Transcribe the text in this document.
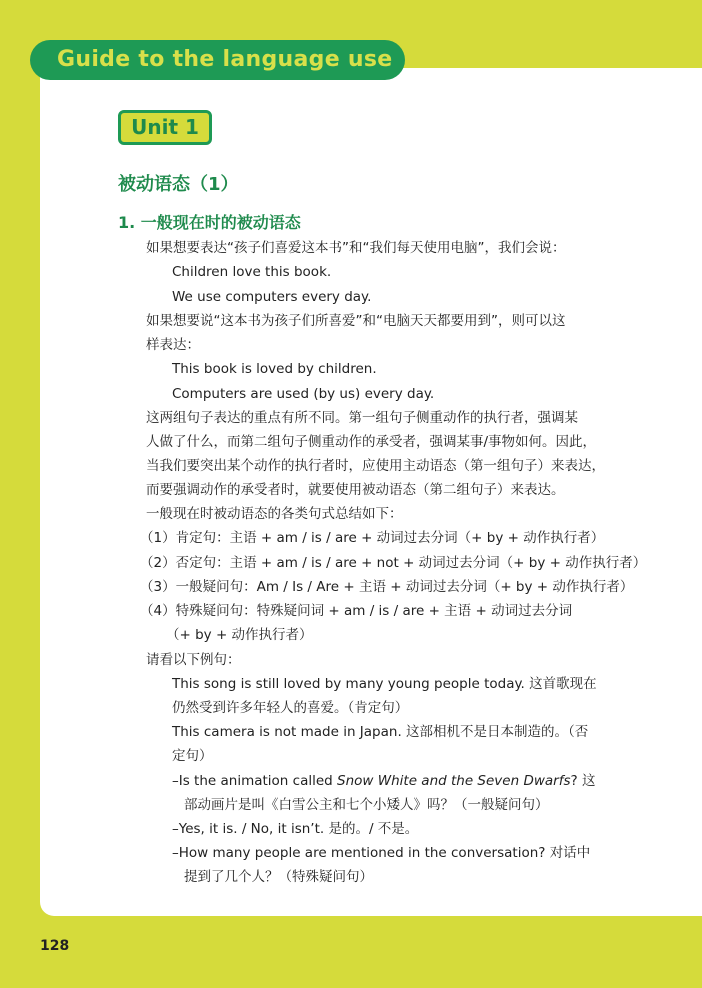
Guide to the language use
Unit 1
被动语态（1）
1. 一般现在时的被动语态
如果想要表达“孩子们喜爱这本书”和“我们每天使用电脑”，我们会说：
Children love this book.
We use computers every day.
如果想要说“这本书为孩子们所喜爱”和“电脑天天都要用到”，则可以这
样表达：
This book is loved by children.
Computers are used (by us) every day.
这两组句子表达的重点有所不同。第一组句子侧重动作的执行者，强调某
人做了什么，而第二组句子侧重动作的承受者，强调某事/事物如何。因此，
当我们要突出某个动作的执行者时，应使用主动语态（第一组句子）来表达，
而要强调动作的承受者时，就要使用被动语态（第二组句子）来表达。
一般现在时被动语态的各类句式总结如下：
（1）肯定句：主语 + am / is / are + 动词过去分词（+ by + 动作执行者）
（2）否定句：主语 + am / is / are + not + 动词过去分词（+ by + 动作执行者）
（3）一般疑问句：Am / Is / Are + 主语 + 动词过去分词（+ by + 动作执行者）
（4）特殊疑问句：特殊疑问词 + am / is / are + 主语 + 动词过去分词
（+ by + 动作执行者）
请看以下例句：
This song is still loved by many young people today. 这首歌现在
仍然受到许多年轻人的喜爱。（肯定句）
This camera is not made in Japan. 这部相机不是日本制造的。（否
定句）
–Is the animation called Snow White and the Seven Dwarfs? 这
部动画片是叫《白雪公主和七个小矮人》吗？（一般疑问句）
–Yes, it is. / No, it isn’t. 是的。/ 不是。
–How many people are mentioned in the conversation? 对话中
提到了几个人？（特殊疑问句）
128
